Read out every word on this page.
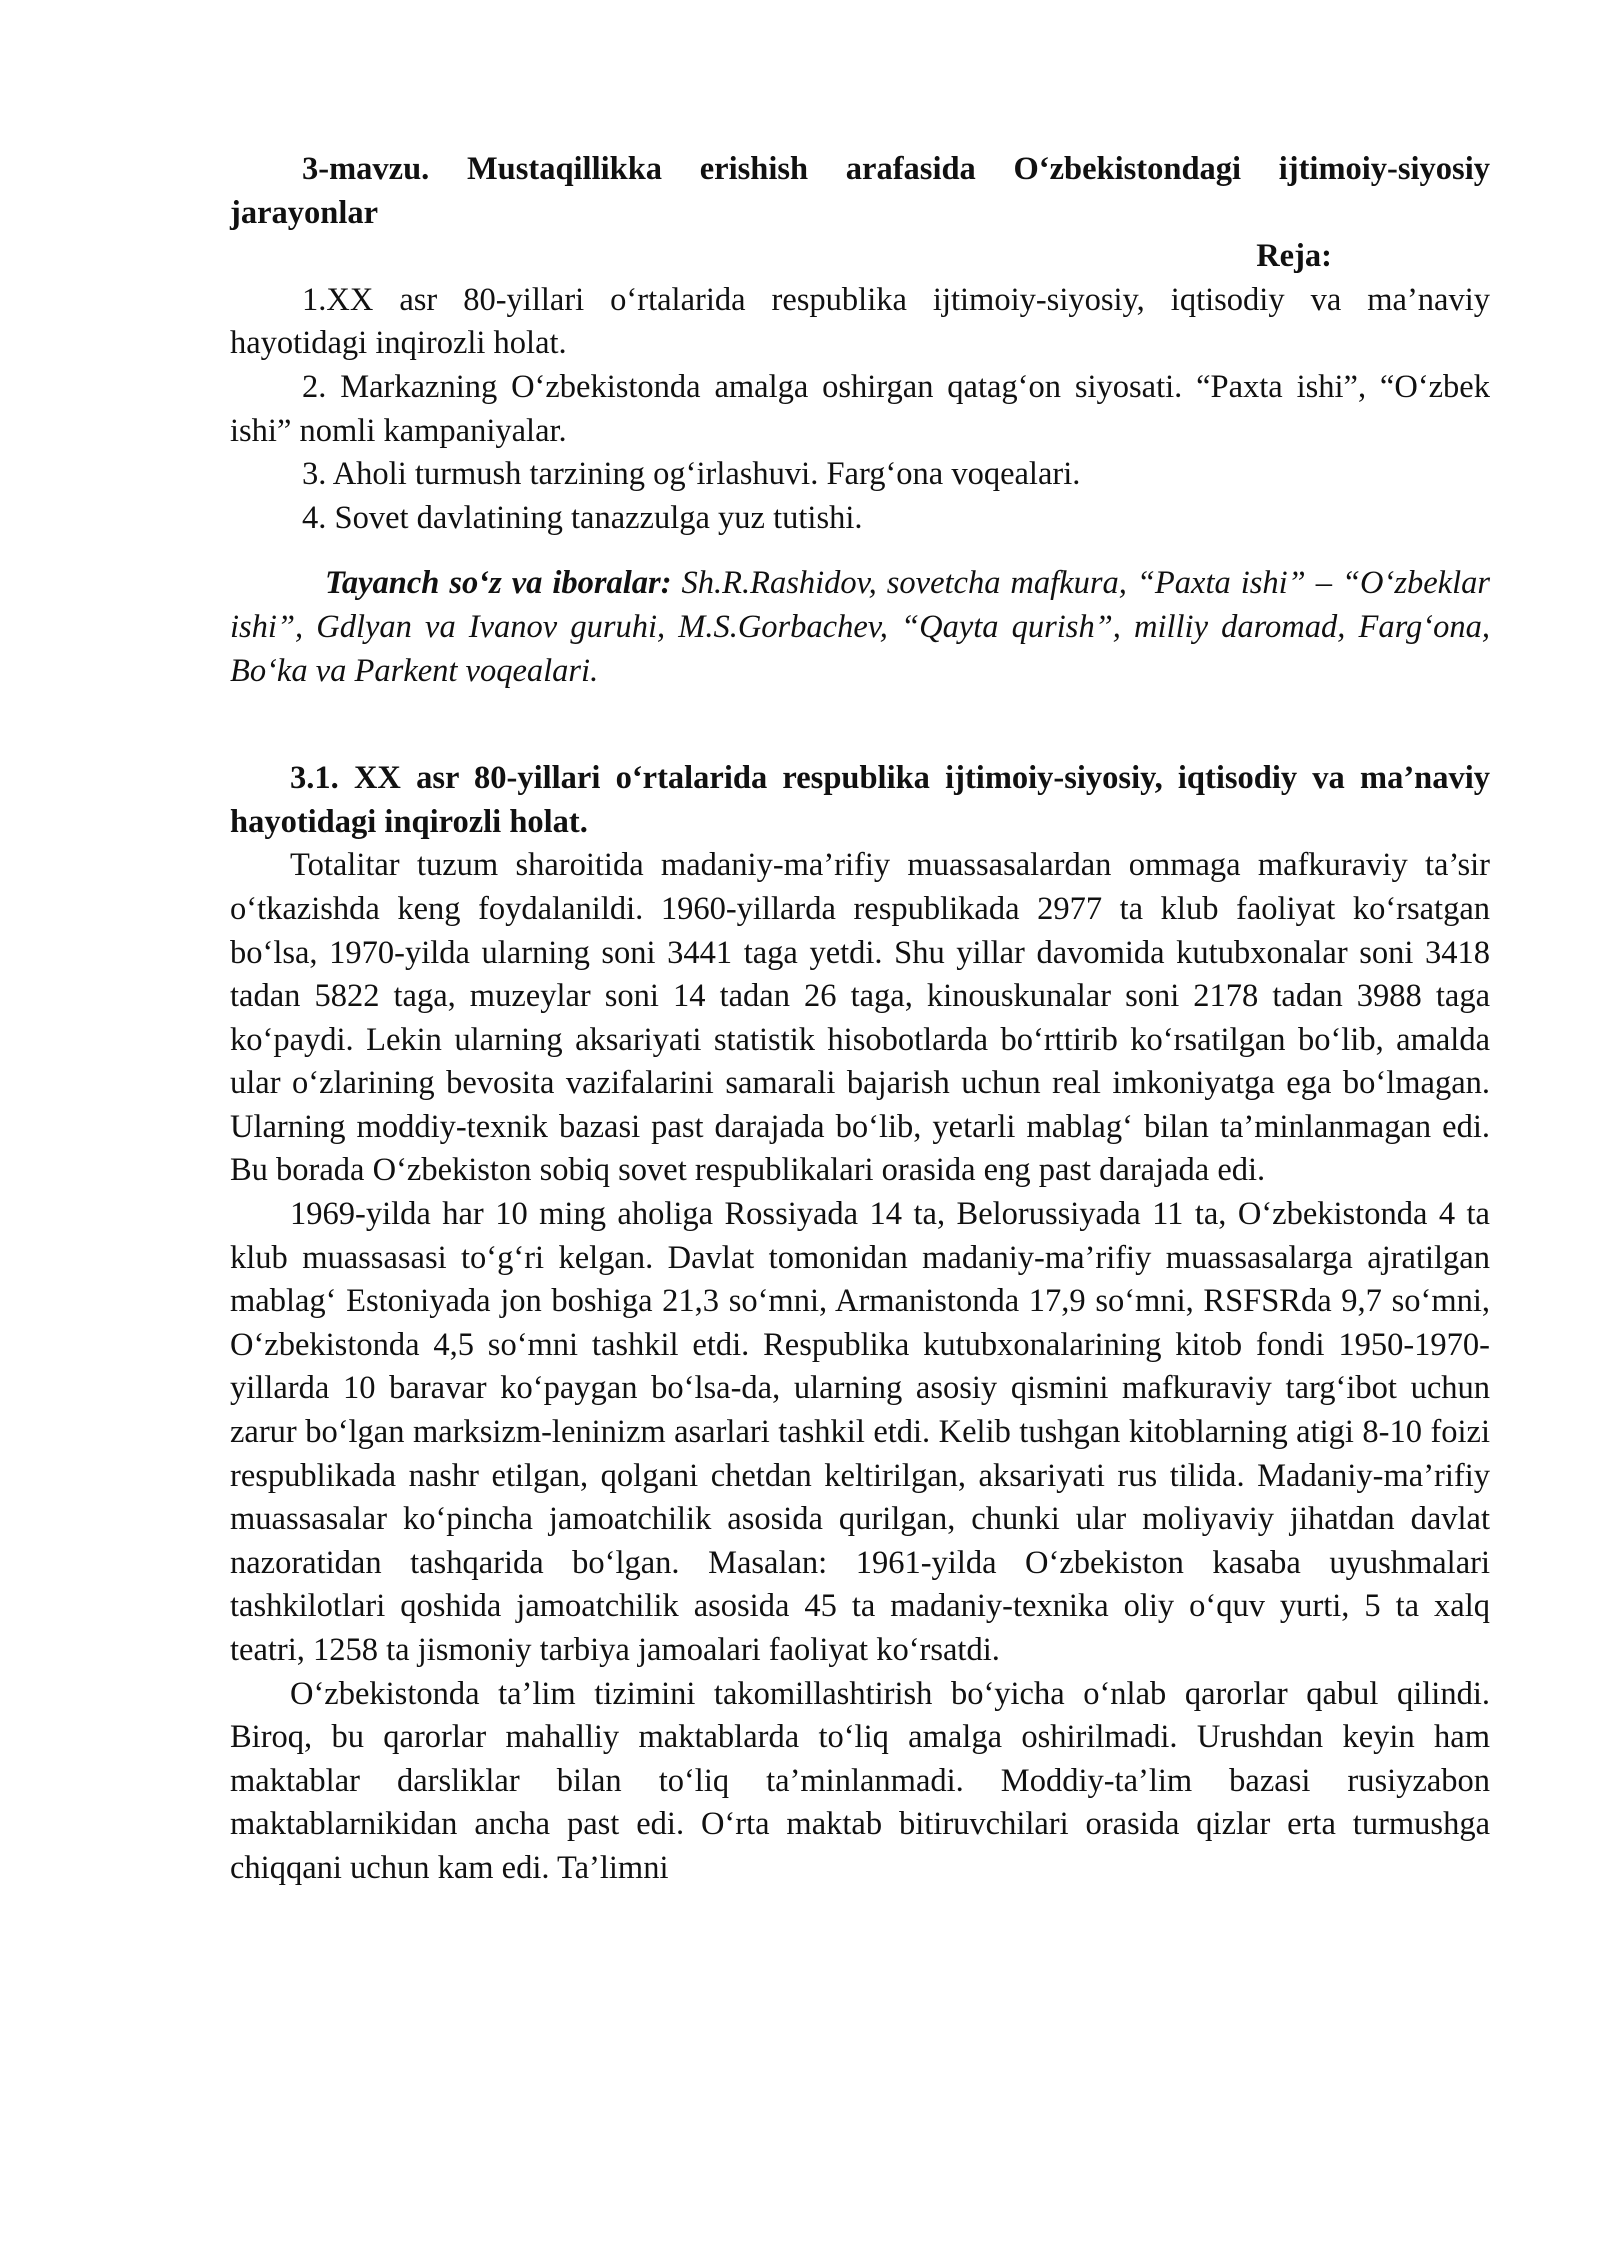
3-mavzu. Mustaqillikka erishish arafasida O‘zbekistondagi ijtimoiy-siyosiy jarayonlar

Reja:

1.XX asr 80-yillari o‘rtalarida respublika ijtimoiy-siyosiy, iqtisodiy va ma’naviy hayotidagi inqirozli holat.
2. Markazning O‘zbekistonda amalga oshirgan qatag‘on siyosati. “Paxta ishi”, “O‘zbek ishi” nomli kampaniyalar.
3. Aholi turmush tarzining og‘irlashuvi. Farg‘ona voqealari.
4. Sovet davlatining tanazzulga yuz tutishi.

Tayanch so‘z va iboralar: Sh.R.Rashidov, sovetcha mafkura, “Paxta ishi” – “O‘zbeklar ishi”, Gdlyan va Ivanov guruhi, M.S.Gorbachev, “Qayta qurish”, milliy daromad, Farg‘ona, Bo‘ka va Parkent voqealari.

3.1. XX asr 80-yillari o‘rtalarida respublika ijtimoiy-siyosiy, iqtisodiy va ma’naviy hayotidagi inqirozli holat.

Totalitar tuzum sharoitida madaniy-ma’rifiy muassasalardan ommaga mafkuraviy ta’sir o‘tkazishda keng foydalanildi. 1960-yillarda respublikada 2977 ta klub faoliyat ko‘rsatgan bo‘lsa, 1970-yilda ularning soni 3441 taga yetdi. Shu yillar davomida kutubxonalar soni 3418 tadan 5822 taga, muzeylar soni 14 tadan 26 taga, kinouskunalar soni 2178 tadan 3988 taga ko‘paydi. Lekin ularning aksariyati statistik hisobotlarda bo‘rttirib ko‘rsatilgan bo‘lib, amalda ular o‘zlarining bevosita vazifalarini samarali bajarish uchun real imkoniyatga ega bo‘lmagan. Ularning moddiy-texnik bazasi past darajada bo‘lib, yetarli mablag‘ bilan ta’minlanmagan edi. Bu borada O‘zbekiston sobiq sovet respublikalari orasida eng past darajada edi.

1969-yilda har 10 ming aholiga Rossiyada 14 ta, Belorussiyada 11 ta, O‘zbekistonda 4 ta klub muassasasi to‘g‘ri kelgan. Davlat tomonidan madaniy-ma’rifiy muassasalarga ajratilgan mablag‘ Estoniyada jon boshiga 21,3 so‘mni, Armanistonda 17,9 so‘mni, RSFSRda 9,7 so‘mni, O‘zbekistonda 4,5 so‘mni tashkil etdi. Respublika kutubxonalarining kitob fondi 1950-1970-yillarda 10 baravar ko‘paygan bo‘lsa-da, ularning asosiy qismini mafkuraviy targ‘ibot uchun zarur bo‘lgan marksizm-leninizm asarlari tashkil etdi. Kelib tushgan kitoblarning atigi 8-10 foizi respublikada nashr etilgan, qolgani chetdan keltirilgan, aksariyati rus tilida. Madaniy-ma’rifiy muassasalar ko‘pincha jamoatchilik asosida qurilgan, chunki ular moliyaviy jihatdan davlat nazoratidan tashqarida bo‘lgan. Masalan: 1961-yilda O‘zbekiston kasaba uyushmalari tashkilotlari qoshida jamoatchilik asosida 45 ta madaniy-texnika oliy o‘quv yurti, 5 ta xalq teatri, 1258 ta jismoniy tarbiya jamoalari faoliyat ko‘rsatdi.

O‘zbekistonda ta’lim tizimini takomillashtirish bo‘yicha o‘nlab qarorlar qabul qilindi. Biroq, bu qarorlar mahalliy maktablarda to‘liq amalga oshirilmadi. Urushdan keyin ham maktablar darsliklar bilan to‘liq ta’minlanmadi. Moddiy-ta’lim bazasi rusiyzabon maktablarnikidan ancha past edi. O‘rta maktab bitiruvchilari orasida qizlar erta turmushga chiqqani uchun kam edi. Ta’limni
